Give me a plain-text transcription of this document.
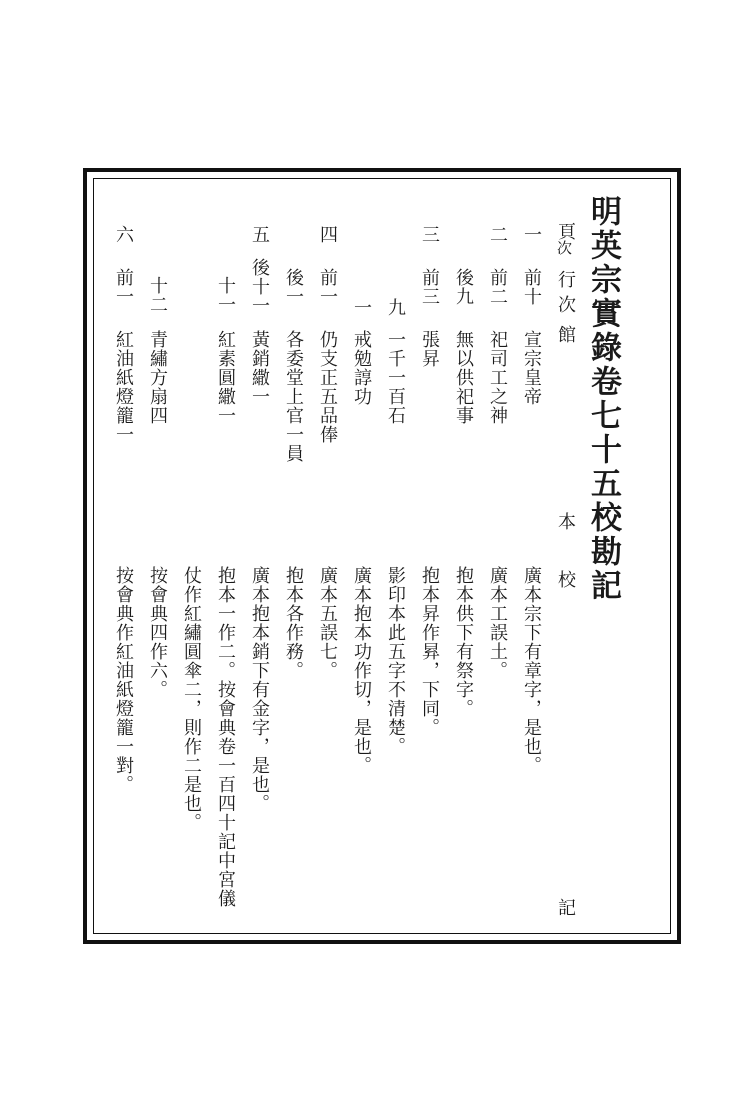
明英宗實錄卷七十五校勘記
頁
次
行
次
館
本
校
記
一
前十
宣宗皇帝
廣本宗下有章字，是也。
二
前二
祀司工之神
廣本工誤土。
後九
無以供祀事
抱本供下有祭字。
三
前三
張昇
抱本昇作昪，下同。
九
一千一百石
影印本此五字不清楚。
一
戒勉諄功
廣本抱本功作切，是也。
四
前一
仍支正五品俸
廣本五誤七。
後一
各委堂上官一員
抱本各作務。
五
後十一
黃銷繖一
廣本抱本銷下有金字，是也。
十一
紅素圓繖一
抱本一作二。按會典卷一百四十記中宮儀
仗作紅繡圓傘二，則作二是也。
十二
青繡方扇四
按會典四作六。
六
前一
紅油紙燈籠一
按會典作紅油紙燈籠一對。
